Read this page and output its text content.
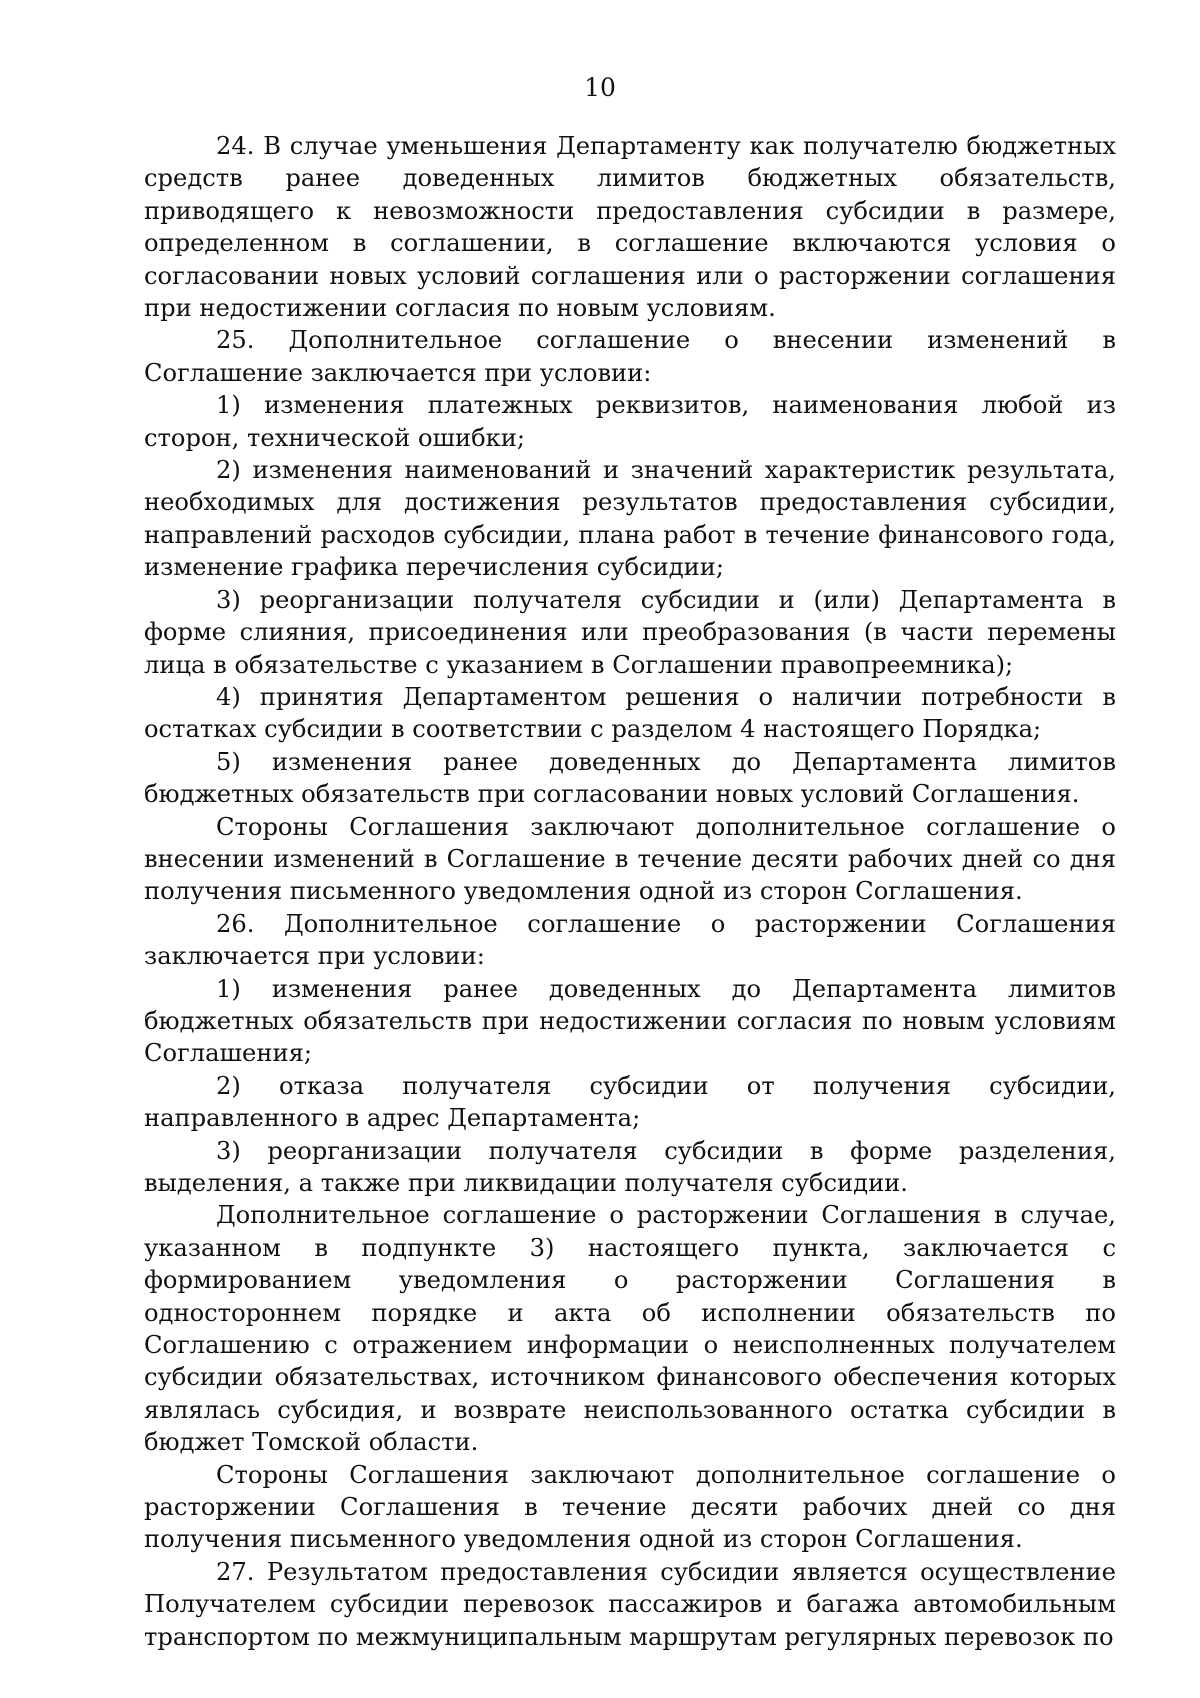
10

24. В случае уменьшения Департаменту как получателю бюджетных средств ранее доведенных лимитов бюджетных обязательств, приводящего к невозможности предоставления субсидии в размере, определенном в соглашении, в соглашение включаются условия о согласовании новых условий соглашения или о расторжении соглашения при недостижении согласия по новым условиям.

25. Дополнительное соглашение о внесении изменений в Соглашение заключается при условии:

1) изменения платежных реквизитов, наименования любой из сторон, технической ошибки;

2) изменения наименований и значений характеристик результата, необходимых для достижения результатов предоставления субсидии, направлений расходов субсидии, плана работ в течение финансового года, изменение графика перечисления субсидии;

3) реорганизации получателя субсидии и (или) Департамента в форме слияния, присоединения или преобразования (в части перемены лица в обязательстве с указанием в Соглашении правопреемника);

4) принятия Департаментом решения о наличии потребности в остатках субсидии в соответствии с разделом 4 настоящего Порядка;

5) изменения ранее доведенных до Департамента лимитов бюджетных обязательств при согласовании новых условий Соглашения.

Стороны Соглашения заключают дополнительное соглашение о внесении изменений в Соглашение в течение десяти рабочих дней со дня получения письменного уведомления одной из сторон Соглашения.

26. Дополнительное соглашение о расторжении Соглашения заключается при условии:

1) изменения ранее доведенных до Департамента лимитов бюджетных обязательств при недостижении согласия по новым условиям Соглашения;

2) отказа получателя субсидии от получения субсидии, направленного в адрес Департамента;

3) реорганизации получателя субсидии в форме разделения, выделения, а также при ликвидации получателя субсидии.

Дополнительное соглашение о расторжении Соглашения в случае, указанном в подпункте 3) настоящего пункта, заключается с формированием уведомления о расторжении Соглашения в одностороннем порядке и акта об исполнении обязательств по Соглашению с отражением информации о неисполненных получателем субсидии обязательствах, источником финансового обеспечения которых являлась субсидия, и возврате неиспользованного остатка субсидии в бюджет Томской области.

Стороны Соглашения заключают дополнительное соглашение о расторжении Соглашения в течение десяти рабочих дней со дня получения письменного уведомления одной из сторон Соглашения.

27. Результатом предоставления субсидии является осуществление Получателем субсидии перевозок пассажиров и багажа автомобильным транспортом по межмуниципальным маршрутам регулярных перевозок по
